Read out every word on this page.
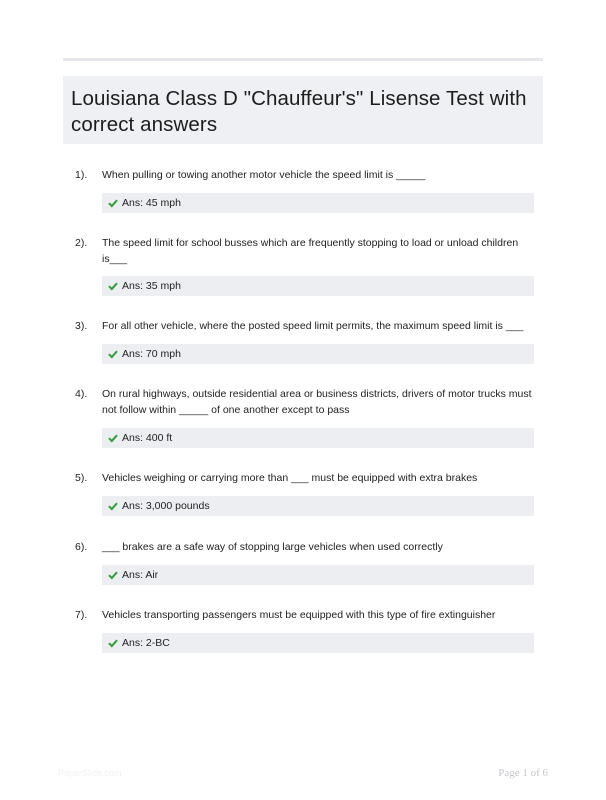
Louisiana Class D "Chauffeur's" Lisense Test with correct answers
1). When pulling or towing another motor vehicle the speed limit is _____
Ans: 45 mph
2). The speed limit for school busses which are frequently stopping to load or unload children is___
Ans: 35 mph
3). For all other vehicle, where the posted speed limit permits, the maximum speed limit is ___
Ans: 70 mph
4). On rural highways, outside residential area or business districts, drivers of motor trucks must not follow within _____ of one another except to pass
Ans: 400 ft
5). Vehicles weighing or carrying more than ___ must be equipped with extra brakes
Ans: 3,000 pounds
6). ___ brakes are a safe way of stopping large vehicles when used correctly
Ans: Air
7). Vehicles transporting passengers must be equipped with this type of fire extinguisher
Ans: 2-BC
PaperSlide.com	Page 1 of 6
